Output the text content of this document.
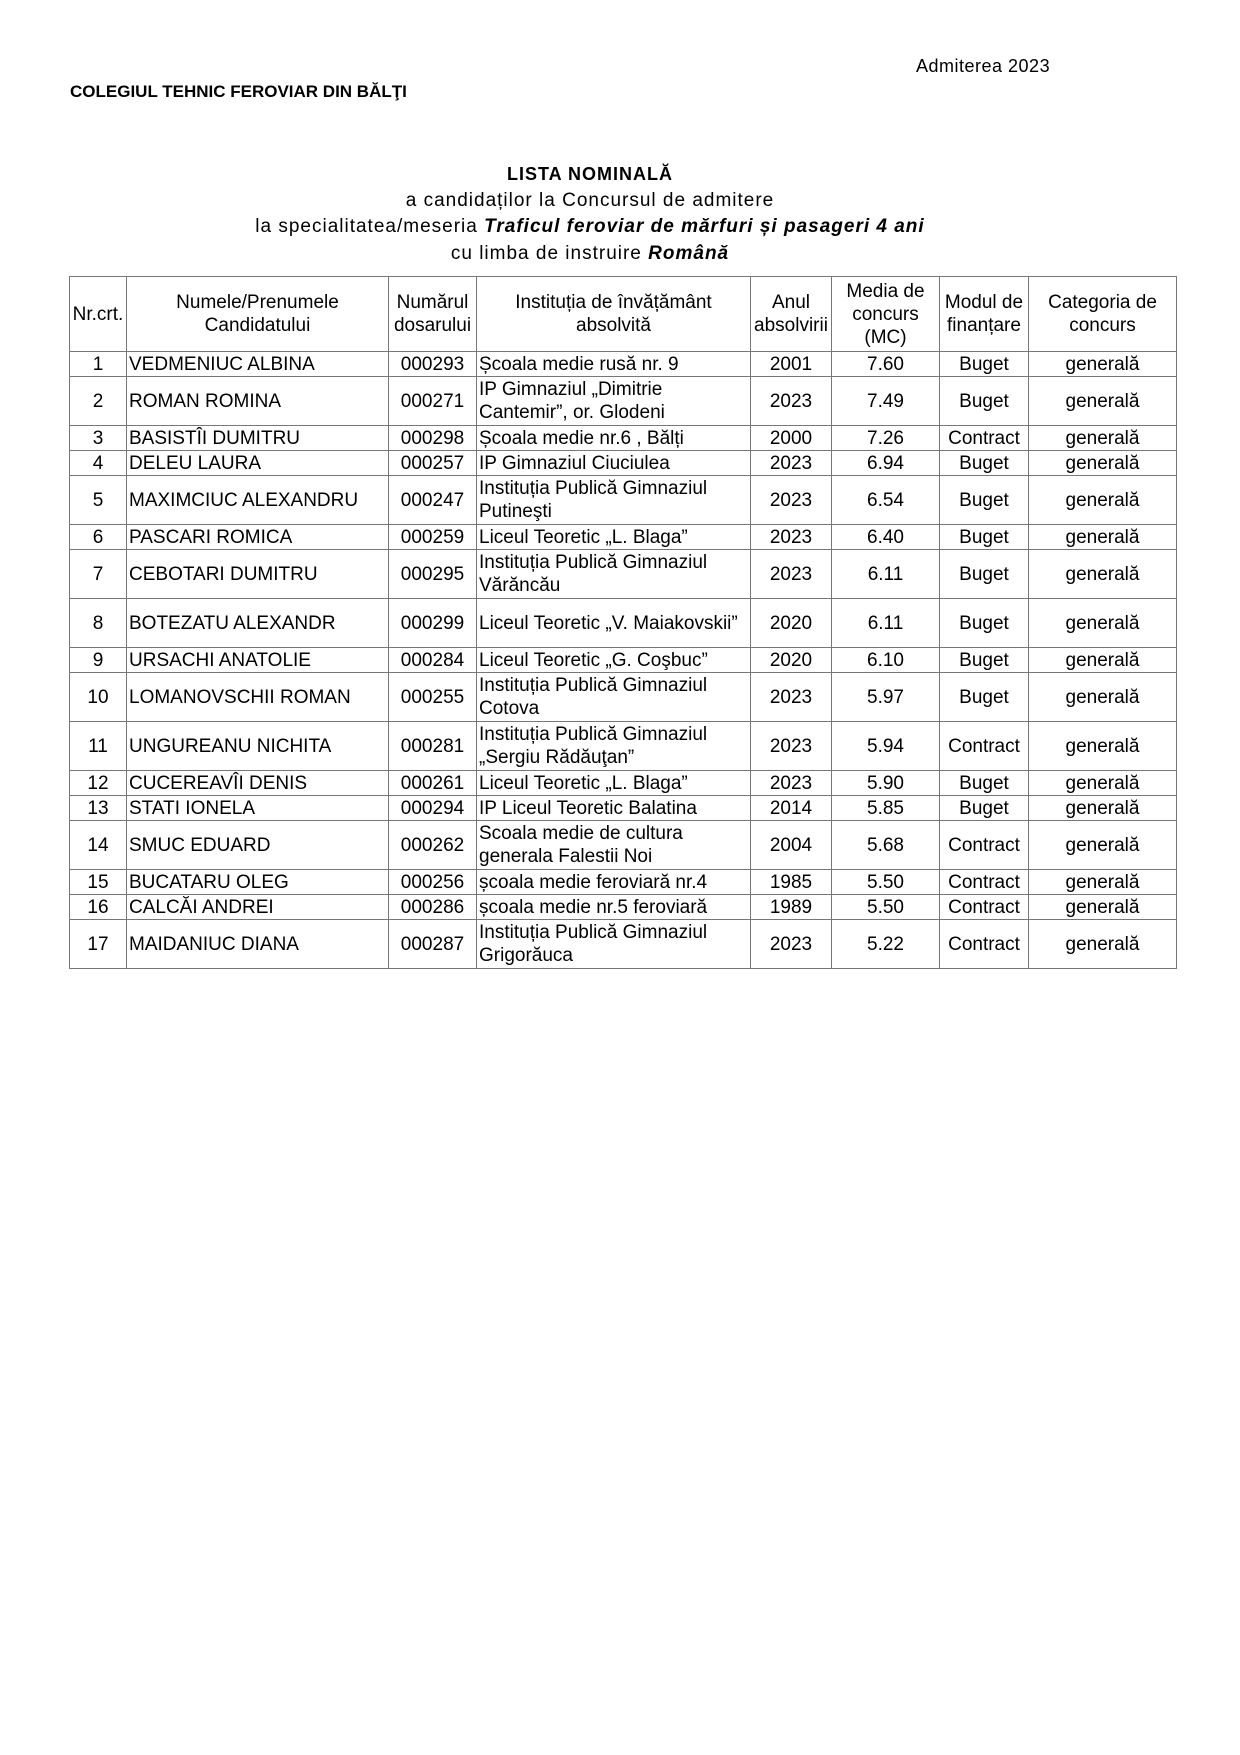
Admiterea 2023
COLEGIUL TEHNIC FEROVIAR DIN BĂLŢI
LISTA NOMINALĂ
a candidaților la Concursul de admitere
la specialitatea/meseria Traficul feroviar de mărfuri și pasageri 4 ani
cu limba de instruire Română
Nr.crt.	Numele/Prenumele Candidatului	Numărul dosarului	Instituția de învățământ absolvită	Anul absolvirii	Media de concurs (MC)	Modul de finanțare	Categoria de concurs
1	VEDMENIUC ALBINA	000293	Școala medie rusă nr. 9	2001	7.60	Buget	generală
2	ROMAN ROMINA	000271	IP Gimnaziul „Dimitrie Cantemir”, or. Glodeni	2023	7.49	Buget	generală
3	BASISTÎI DUMITRU	000298	Școala medie nr.6 , Bălți	2000	7.26	Contract	generală
4	DELEU LAURA	000257	IP Gimnaziul Ciuciulea	2023	6.94	Buget	generală
5	MAXIMCIUC ALEXANDRU	000247	Instituția Publică Gimnaziul Putineşti	2023	6.54	Buget	generală
6	PASCARI ROMICA	000259	Liceul Teoretic „L. Blaga”	2023	6.40	Buget	generală
7	CEBOTARI DUMITRU	000295	Instituția Publică Gimnaziul Vărăncău	2023	6.11	Buget	generală
8	BOTEZATU ALEXANDR	000299	Liceul Teoretic „V. Maiakovskii”	2020	6.11	Buget	generală
9	URSACHI ANATOLIE	000284	Liceul Teoretic „G. Coşbuc”	2020	6.10	Buget	generală
10	LOMANOVSCHII ROMAN	000255	Instituția Publică Gimnaziul Cotova	2023	5.97	Buget	generală
11	UNGUREANU NICHITA	000281	Instituția Publică Gimnaziul „Sergiu Rădăuţan”	2023	5.94	Contract	generală
12	CUCEREAVÎI DENIS	000261	Liceul Teoretic „L. Blaga”	2023	5.90	Buget	generală
13	STATI IONELA	000294	IP Liceul Teoretic Balatina	2014	5.85	Buget	generală
14	SMUC EDUARD	000262	Scoala medie de cultura generala Falestii Noi	2004	5.68	Contract	generală
15	BUCATARU OLEG	000256	școala medie feroviară nr.4	1985	5.50	Contract	generală
16	CALCĂI ANDREI	000286	școala medie nr.5 feroviară	1989	5.50	Contract	generală
17	MAIDANIUC DIANA	000287	Instituția Publică Gimnaziul Grigorăuca	2023	5.22	Contract	generală
